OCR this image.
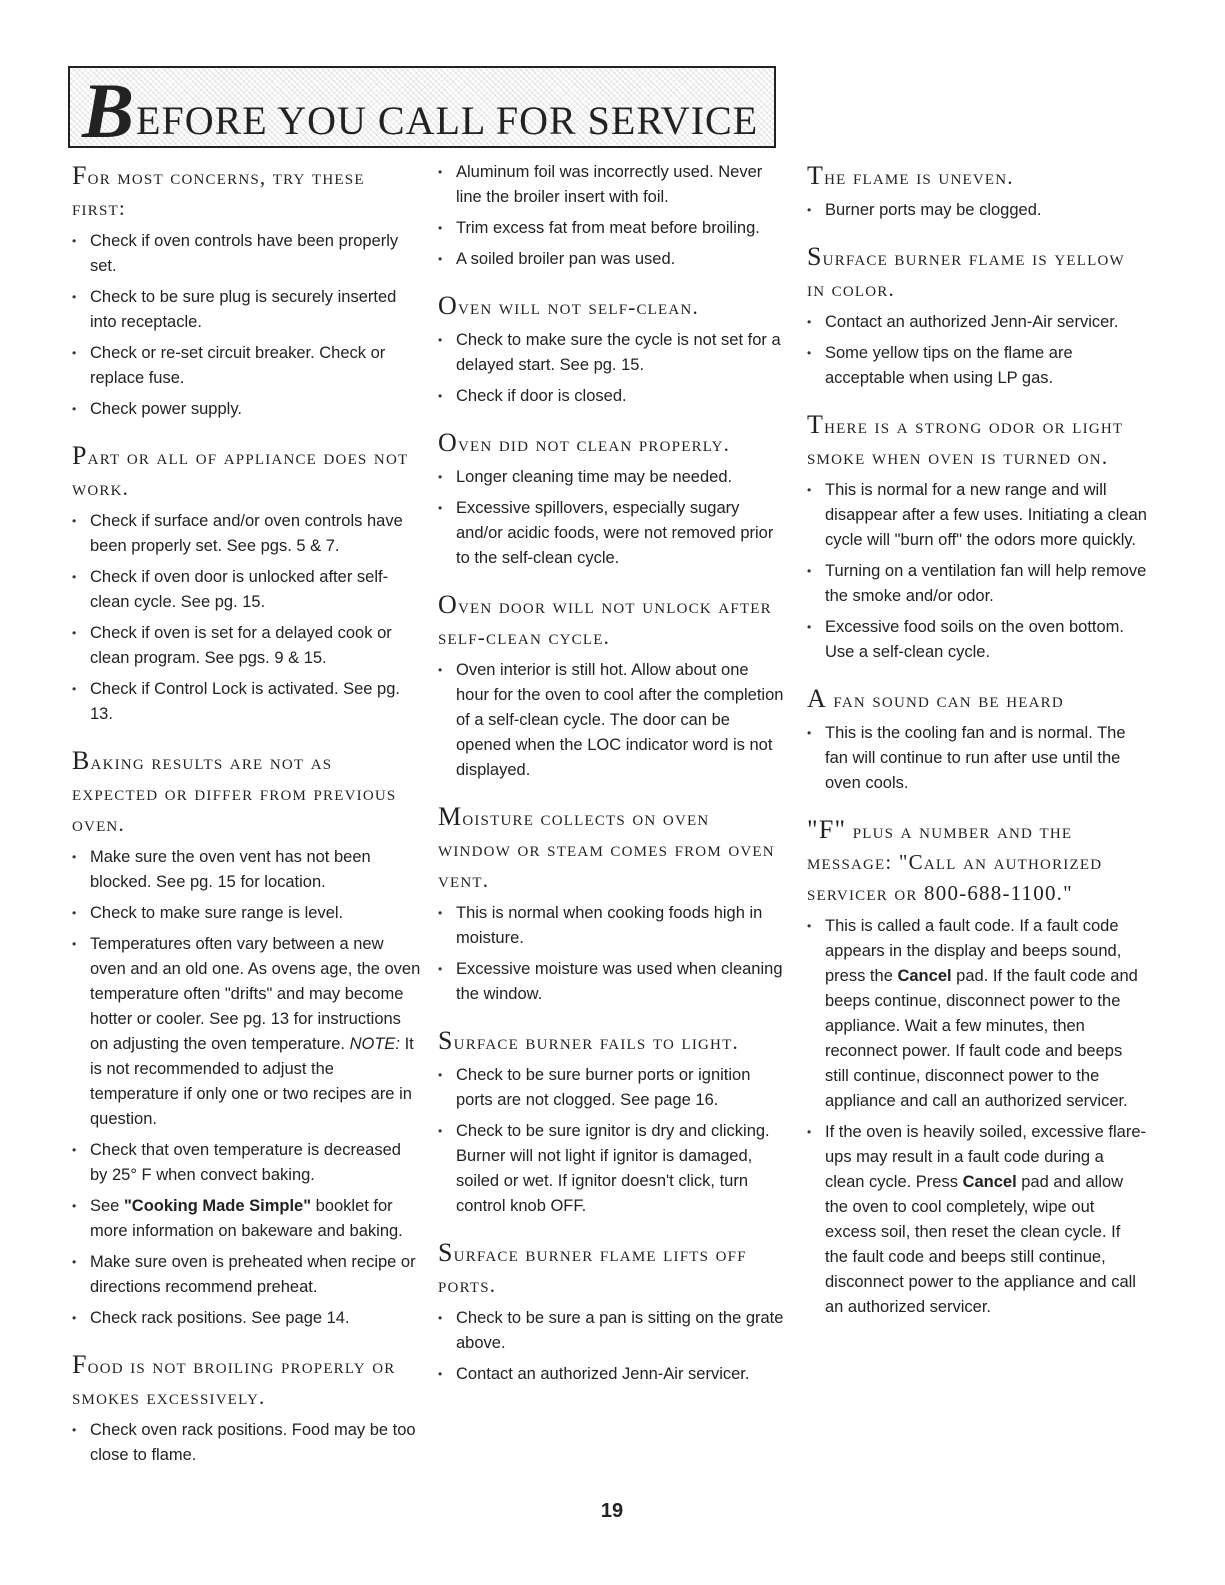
B EFORE YOU CALL FOR SERVICE
For most concerns, try these first:
• Check if oven controls have been properly set.
• Check to be sure plug is securely inserted into receptacle.
• Check or re-set circuit breaker. Check or replace fuse.
• Check power supply.
Part or all of appliance does not work.
• Check if surface and/or oven controls have been properly set. See pgs. 5 & 7.
• Check if oven door is unlocked after self-clean cycle. See pg. 15.
• Check if oven is set for a delayed cook or clean program. See pgs. 9 & 15.
• Check if Control Lock is activated. See pg. 13.
Baking results are not as expected or differ from previous oven.
• Make sure the oven vent has not been blocked. See pg. 15 for location.
• Check to make sure range is level.
• Temperatures often vary between a new oven and an old one. As ovens age, the oven temperature often "drifts" and may become hotter or cooler. See pg. 13 for instructions on adjusting the oven temperature. NOTE: It is not recommended to adjust the temperature if only one or two recipes are in question.
• Check that oven temperature is decreased by 25° F when convect baking.
• See "Cooking Made Simple" booklet for more information on bakeware and baking.
• Make sure oven is preheated when recipe or directions recommend preheat.
• Check rack positions. See page 14.
Food is not broiling properly or smokes excessively.
• Check oven rack positions. Food may be too close to flame.
• Aluminum foil was incorrectly used. Never line the broiler insert with foil.
• Trim excess fat from meat before broiling.
• A soiled broiler pan was used.
Oven will not self-clean.
• Check to make sure the cycle is not set for a delayed start. See pg. 15.
• Check if door is closed.
Oven did not clean properly.
• Longer cleaning time may be needed.
• Excessive spillovers, especially sugary and/or acidic foods, were not removed prior to the self-clean cycle.
Oven door will not unlock after self-clean cycle.
• Oven interior is still hot. Allow about one hour for the oven to cool after the completion of a self-clean cycle. The door can be opened when the LOC indicator word is not displayed.
Moisture collects on oven window or steam comes from oven vent.
• This is normal when cooking foods high in moisture.
• Excessive moisture was used when cleaning the window.
Surface burner fails to light.
• Check to be sure burner ports or ignition ports are not clogged. See page 16.
• Check to be sure ignitor is dry and clicking. Burner will not light if ignitor is damaged, soiled or wet. If ignitor doesn't click, turn control knob OFF.
Surface burner flame lifts off ports.
• Check to be sure a pan is sitting on the grate above.
• Contact an authorized Jenn-Air servicer.
The flame is uneven.
• Burner ports may be clogged.
Surface burner flame is yellow in color.
• Contact an authorized Jenn-Air servicer.
• Some yellow tips on the flame are acceptable when using LP gas.
There is a strong odor or light smoke when oven is turned on.
• This is normal for a new range and will disappear after a few uses. Initiating a clean cycle will "burn off" the odors more quickly.
• Turning on a ventilation fan will help remove the smoke and/or odor.
• Excessive food soils on the oven bottom. Use a self-clean cycle.
A fan sound can be heard
• This is the cooling fan and is normal. The fan will continue to run after use until the oven cools.
"F" plus a number and the message: "Call an authorized servicer or 800-688-1100."
• This is called a fault code. If a fault code appears in the display and beeps sound, press the Cancel pad. If the fault code and beeps continue, disconnect power to the appliance. Wait a few minutes, then reconnect power. If fault code and beeps still continue, disconnect power to the appliance and call an authorized servicer.
• If the oven is heavily soiled, excessive flare-ups may result in a fault code during a clean cycle. Press Cancel pad and allow the oven to cool completely, wipe out excess soil, then reset the clean cycle. If the fault code and beeps still continue, disconnect power to the appliance and call an authorized servicer.
19
